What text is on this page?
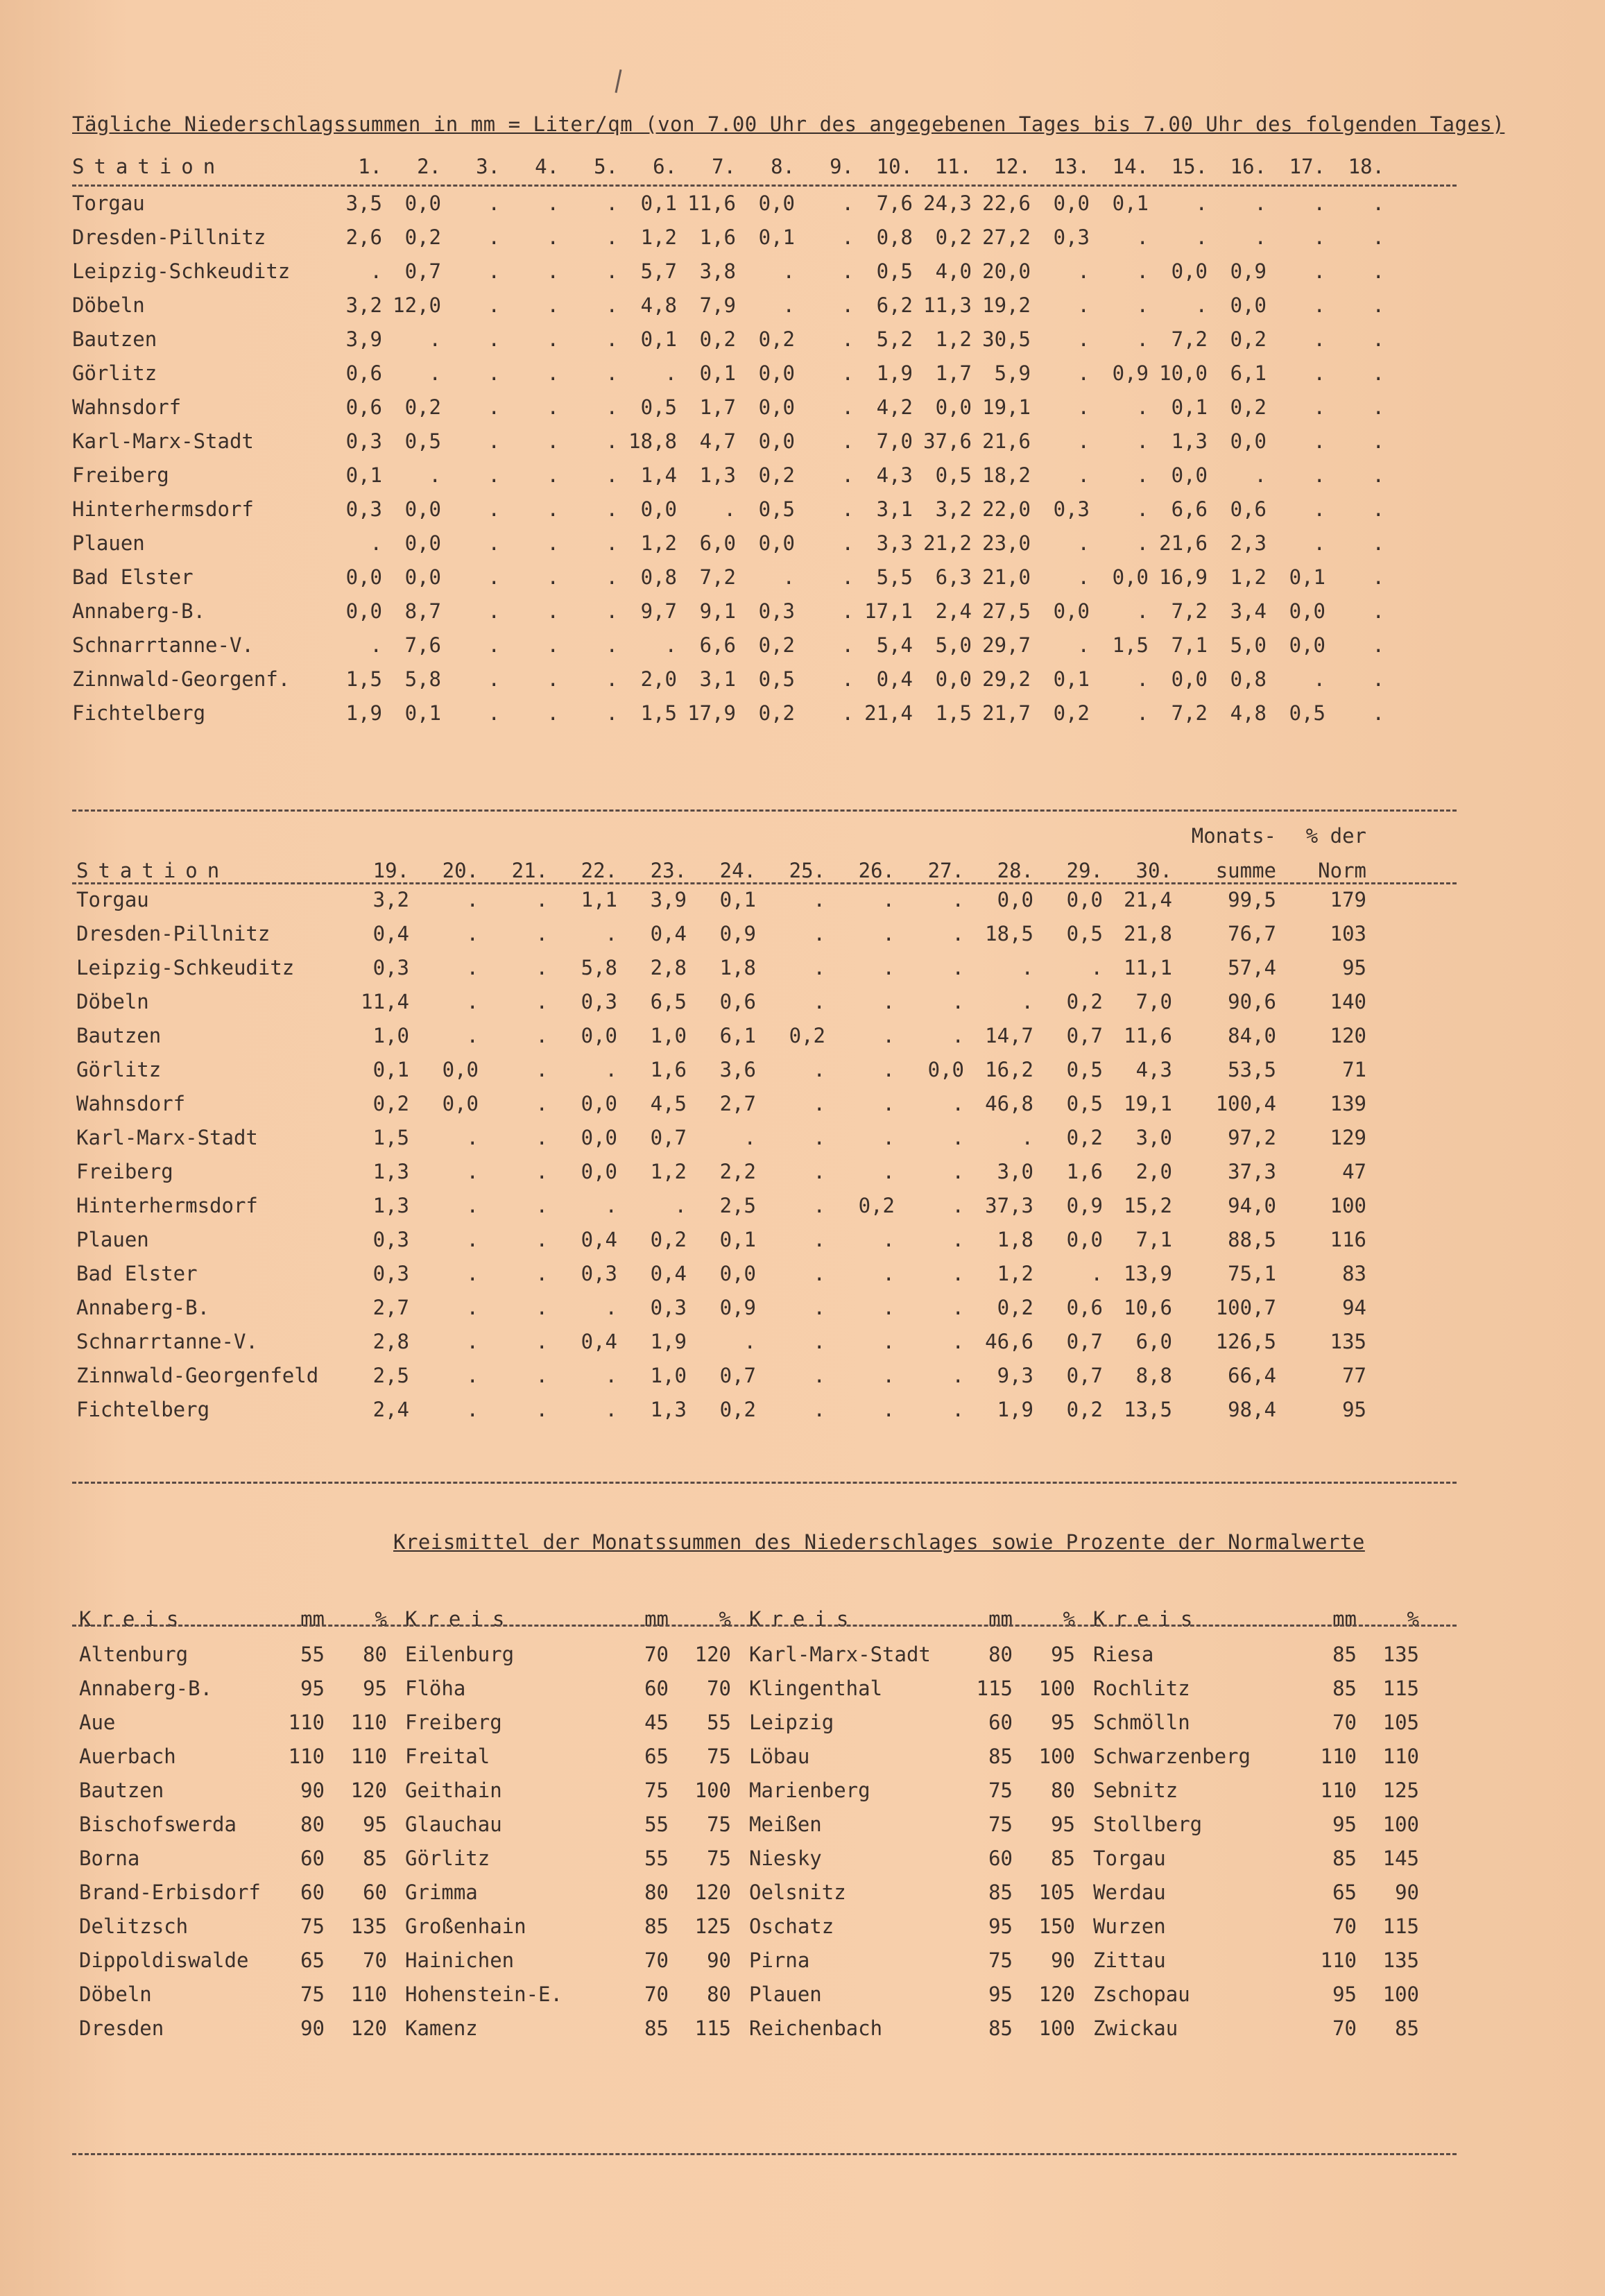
Tägliche Niederschlagssummen in mm = Liter/qm (von 7.00 Uhr des angegebenen Tages bis 7.00 Uhr des folgenden Tages)
Station	1.	2.	3.	4.	5.	6.	7.	8.	9.	10.	11.	12.	13.	14.	15.	16.	17.	18.
Torgau	3,5	0,0	.	.	.	0,1	11,6	0,0	.	7,6	24,3	22,6	0,0	0,1	.	.	.	.
Dresden-Pillnitz	2,6	0,2	.	.	.	1,2	1,6	0,1	.	0,8	0,2	27,2	0,3	.	.	.	.	.
Leipzig-Schkeuditz	.	0,7	.	.	.	5,7	3,8	.	.	0,5	4,0	20,0	.	.	0,0	0,9	.	.
Döbeln	3,2	12,0	.	.	.	4,8	7,9	.	.	6,2	11,3	19,2	.	.	.	0,0	.	.
Bautzen	3,9	.	.	.	.	0,1	0,2	0,2	.	5,2	1,2	30,5	.	.	7,2	0,2	.	.
Görlitz	0,6	.	.	.	.	.	0,1	0,0	.	1,9	1,7	5,9	.	0,9	10,0	6,1	.	.
Wahnsdorf	0,6	0,2	.	.	.	0,5	1,7	0,0	.	4,2	0,0	19,1	.	.	0,1	0,2	.	.
Karl-Marx-Stadt	0,3	0,5	.	.	.	18,8	4,7	0,0	.	7,0	37,6	21,6	.	.	1,3	0,0	.	.
Freiberg	0,1	.	.	.	.	1,4	1,3	0,2	.	4,3	0,5	18,2	.	.	0,0	.	.	.
Hinterhermsdorf	0,3	0,0	.	.	.	0,0	.	0,5	.	3,1	3,2	22,0	0,3	.	6,6	0,6	.	.
Plauen	.	0,0	.	.	.	1,2	6,0	0,0	.	3,3	21,2	23,0	.	.	21,6	2,3	.	.
Bad Elster	0,0	0,0	.	.	.	0,8	7,2	.	.	5,5	6,3	21,0	.	0,0	16,9	1,2	0,1	.
Annaberg-B.	0,0	8,7	.	.	.	9,7	9,1	0,3	.	17,1	2,4	27,5	0,0	.	7,2	3,4	0,0	.
Schnarrtanne-V.	.	7,6	.	.	.	.	6,6	0,2	.	5,4	5,0	29,7	.	1,5	7,1	5,0	0,0	.
Zinnwald-Georgenf.	1,5	5,8	.	.	.	2,0	3,1	0,5	.	0,4	0,0	29,2	0,1	.	0,0	0,8	.	.
Fichtelberg	1,9	0,1	.	.	.	1,5	17,9	0,2	.	21,4	1,5	21,7	0,2	.	7,2	4,8	0,5	.
													Monats-	% der
Station	19.	20.	21.	22.	23.	24.	25.	26.	27.	28.	29.	30.	summe	Norm
Torgau	3,2	.	.	1,1	3,9	0,1	.	.	.	0,0	0,0	21,4	99,5	179
Dresden-Pillnitz	0,4	.	.	.	0,4	0,9	.	.	.	18,5	0,5	21,8	76,7	103
Leipzig-Schkeuditz	0,3	.	.	5,8	2,8	1,8	.	.	.	.	.	11,1	57,4	95
Döbeln	11,4	.	.	0,3	6,5	0,6	.	.	.	.	0,2	7,0	90,6	140
Bautzen	1,0	.	.	0,0	1,0	6,1	0,2	.	.	14,7	0,7	11,6	84,0	120
Görlitz	0,1	0,0	.	.	1,6	3,6	.	.	0,0	16,2	0,5	4,3	53,5	71
Wahnsdorf	0,2	0,0	.	0,0	4,5	2,7	.	.	.	46,8	0,5	19,1	100,4	139
Karl-Marx-Stadt	1,5	.	.	0,0	0,7	.	.	.	.	.	0,2	3,0	97,2	129
Freiberg	1,3	.	.	0,0	1,2	2,2	.	.	.	3,0	1,6	2,0	37,3	47
Hinterhermsdorf	1,3	.	.	.	.	2,5	.	0,2	.	37,3	0,9	15,2	94,0	100
Plauen	0,3	.	.	0,4	0,2	0,1	.	.	.	1,8	0,0	7,1	88,5	116
Bad Elster	0,3	.	.	0,3	0,4	0,0	.	.	.	1,2	.	13,9	75,1	83
Annaberg-B.	2,7	.	.	.	0,3	0,9	.	.	.	0,2	0,6	10,6	100,7	94
Schnarrtanne-V.	2,8	.	.	0,4	1,9	.	.	.	.	46,6	0,7	6,0	126,5	135
Zinnwald-Georgenfeld	2,5	.	.	.	1,0	0,7	.	.	.	9,3	0,7	8,8	66,4	77
Fichtelberg	2,4	.	.	.	1,3	0,2	.	.	.	1,9	0,2	13,5	98,4	95
Kreismittel der Monatssummen des Niederschlages sowie Prozente der Normalwerte
Kreis	mm	%	Kreis	mm	%	Kreis	mm	%	Kreis	mm	%
Altenburg	55	80	Eilenburg	70	120	Karl-Marx-Stadt	80	95	Riesa	85	135
Annaberg-B.	95	95	Flöha	60	70	Klingenthal	115	100	Rochlitz	85	115
Aue	110	110	Freiberg	45	55	Leipzig	60	95	Schmölln	70	105
Auerbach	110	110	Freital	65	75	Löbau	85	100	Schwarzenberg	110	110
Bautzen	90	120	Geithain	75	100	Marienberg	75	80	Sebnitz	110	125
Bischofswerda	80	95	Glauchau	55	75	Meißen	75	95	Stollberg	95	100
Borna	60	85	Görlitz	55	75	Niesky	60	85	Torgau	85	145
Brand-Erbisdorf	60	60	Grimma	80	120	Oelsnitz	85	105	Werdau	65	90
Delitzsch	75	135	Großenhain	85	125	Oschatz	95	150	Wurzen	70	115
Dippoldiswalde	65	70	Hainichen	70	90	Pirna	75	90	Zittau	110	135
Döbeln	75	110	Hohenstein-E.	70	80	Plauen	95	120	Zschopau	95	100
Dresden	90	120	Kamenz	85	115	Reichenbach	85	100	Zwickau	70	85
